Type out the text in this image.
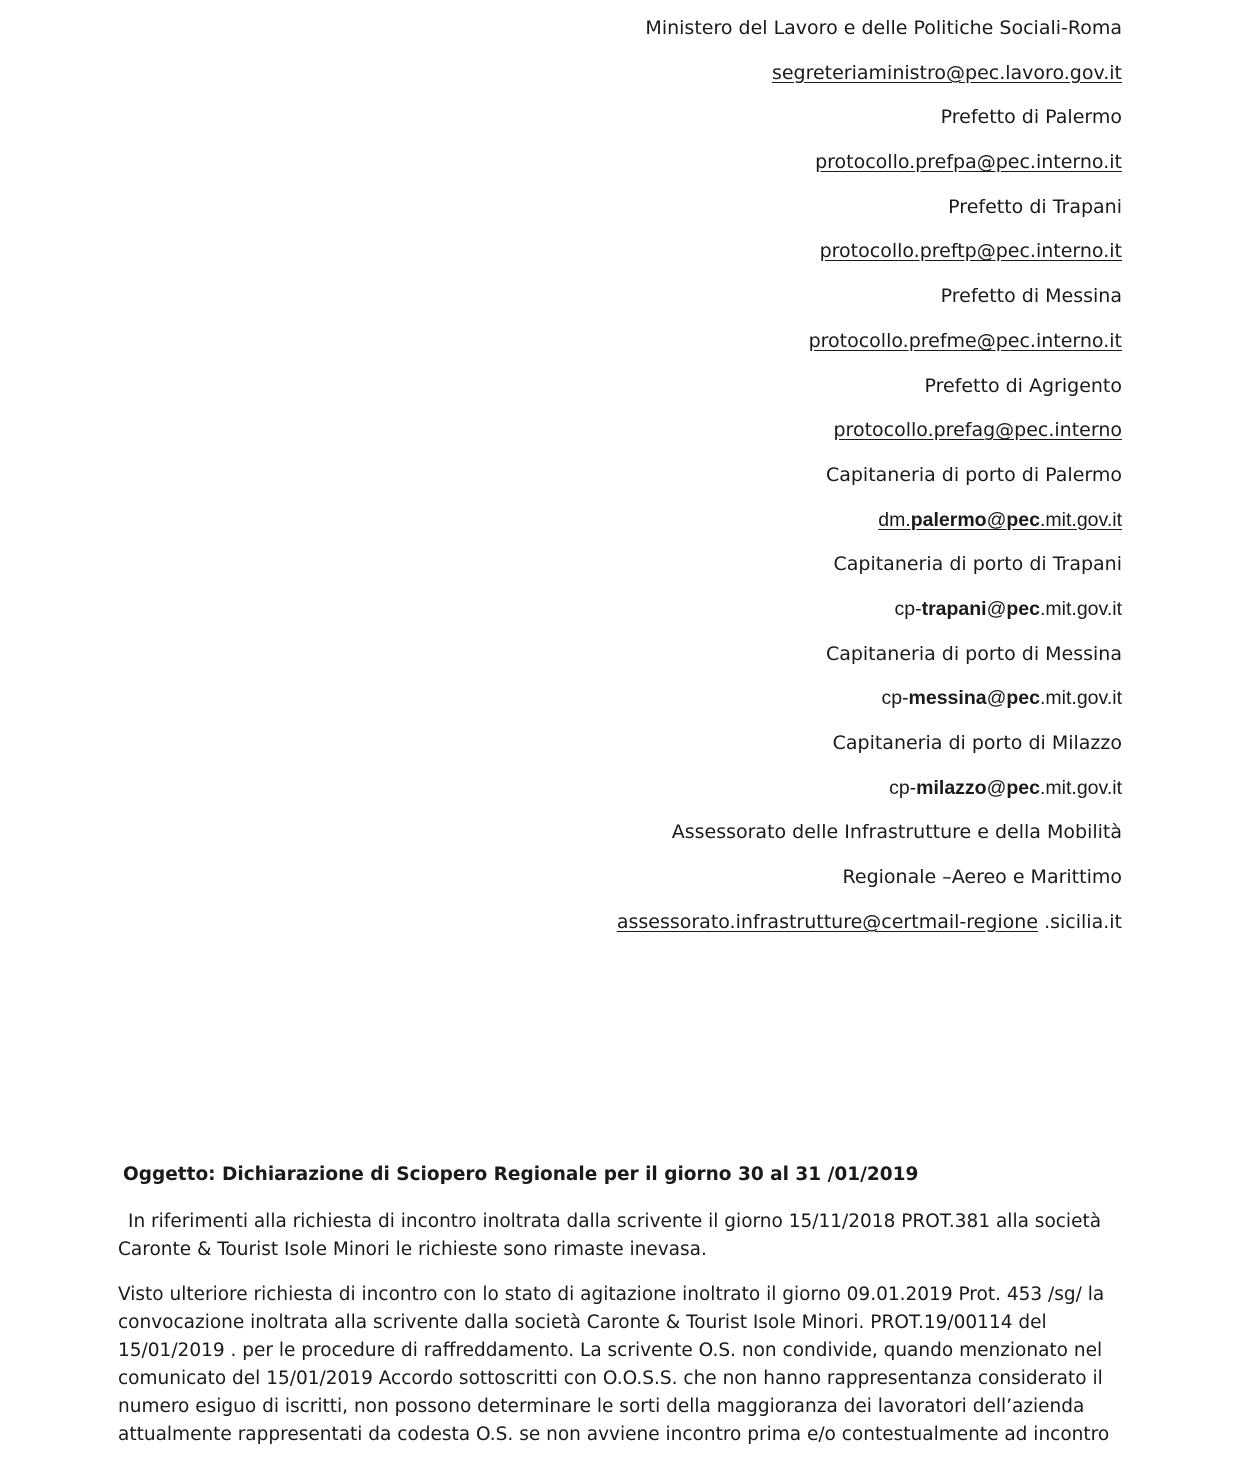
Ministero del Lavoro e delle Politiche Sociali-Roma
segreteriaministro@pec.lavoro.gov.it
Prefetto di Palermo
protocollo.prefpa@pec.interno.it
Prefetto di Trapani
protocollo.preftp@pec.interno.it
Prefetto di Messina
protocollo.prefme@pec.interno.it
Prefetto di Agrigento
protocollo.prefag@pec.interno
Capitaneria di porto di Palermo
dm.palermo@pec.mit.gov.it
Capitaneria di porto di Trapani
cp-trapani@pec.mit.gov.it
Capitaneria di porto di Messina
cp-messina@pec.mit.gov.it
Capitaneria di porto di Milazzo
cp-milazzo@pec.mit.gov.it
Assessorato delle Infrastrutture e della Mobilità
Regionale –Aereo e Marittimo
assessorato.infrastrutture@certmail-regione .sicilia.it
Oggetto: Dichiarazione di Sciopero Regionale per il giorno 30 al 31 /01/2019
In riferimenti alla richiesta di incontro inoltrata dalla scrivente il giorno 15/11/2018 PROT.381 alla società
Caronte & Tourist Isole Minori le richieste sono rimaste inevasa.
Visto ulteriore richiesta di incontro con lo stato di agitazione inoltrato il giorno 09.01.2019 Prot. 453 /sg/ la
convocazione inoltrata alla scrivente dalla società Caronte & Tourist Isole Minori. PROT.19/00114 del
15/01/2019 . per le procedure di raffreddamento. La scrivente O.S. non condivide, quando menzionato nel
comunicato del 15/01/2019 Accordo sottoscritti con O.O.S.S. che non hanno rappresentanza considerato il
numero esiguo di iscritti, non possono determinare le sorti della maggioranza dei lavoratori dell’azienda
attualmente rappresentati da codesta O.S. se non avviene incontro prima e/o contestualmente ad incontro
